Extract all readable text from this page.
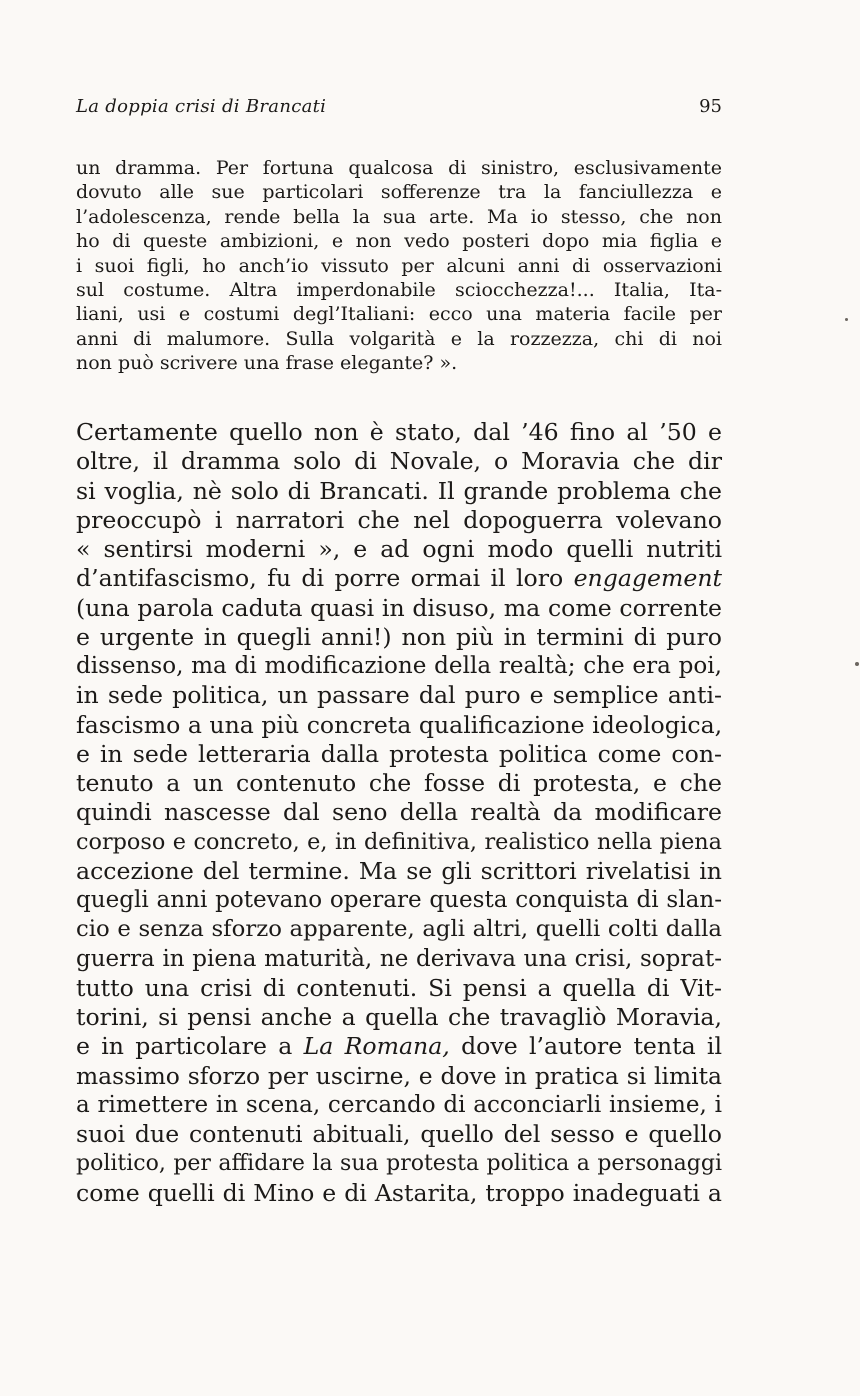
La doppia crisi di Brancati	95
un dramma. Per fortuna qualcosa di sinistro, esclusivamente
dovuto alle sue particolari sofferenze tra la fanciullezza e
l’adolescenza, rende bella la sua arte. Ma io stesso, che non
ho di queste ambizioni, e non vedo posteri dopo mia figlia e
i suoi figli, ho anch’io vissuto per alcuni anni di osservazioni
sul costume. Altra imperdonabile sciocchezza!... Italia, Ita-
liani, usi e costumi degl’Italiani: ecco una materia facile per
anni di malumore. Sulla volgarità e la rozzezza, chi di noi
non può scrivere una frase elegante? ».
Certamente quello non è stato, dal ’46 fino al ’50 e
oltre, il dramma solo di Novale, o Moravia che dir
si voglia, nè solo di Brancati. Il grande problema che
preoccupò i narratori che nel dopoguerra volevano
« sentirsi moderni », e ad ogni modo quelli nutriti
d’antifascismo, fu di porre ormai il loro engagement
(una parola caduta quasi in disuso, ma come corrente
e urgente in quegli anni!) non più in termini di puro
dissenso, ma di modificazione della realtà; che era poi,
in sede politica, un passare dal puro e semplice anti-
fascismo a una più concreta qualificazione ideologica,
e in sede letteraria dalla protesta politica come con-
tenuto a un contenuto che fosse di protesta, e che
quindi nascesse dal seno della realtà da modificare
corposo e concreto, e, in definitiva, realistico nella piena
accezione del termine. Ma se gli scrittori rivelatisi in
quegli anni potevano operare questa conquista di slan-
cio e senza sforzo apparente, agli altri, quelli colti dalla
guerra in piena maturità, ne derivava una crisi, soprat-
tutto una crisi di contenuti. Si pensi a quella di Vit-
torini, si pensi anche a quella che travagliò Moravia,
e in particolare a La Romana, dove l’autore tenta il
massimo sforzo per uscirne, e dove in pratica si limita
a rimettere in scena, cercando di acconciarli insieme, i
suoi due contenuti abituali, quello del sesso e quello
politico, per affidare la sua protesta politica a personaggi
come quelli di Mino e di Astarita, troppo inadeguati a
